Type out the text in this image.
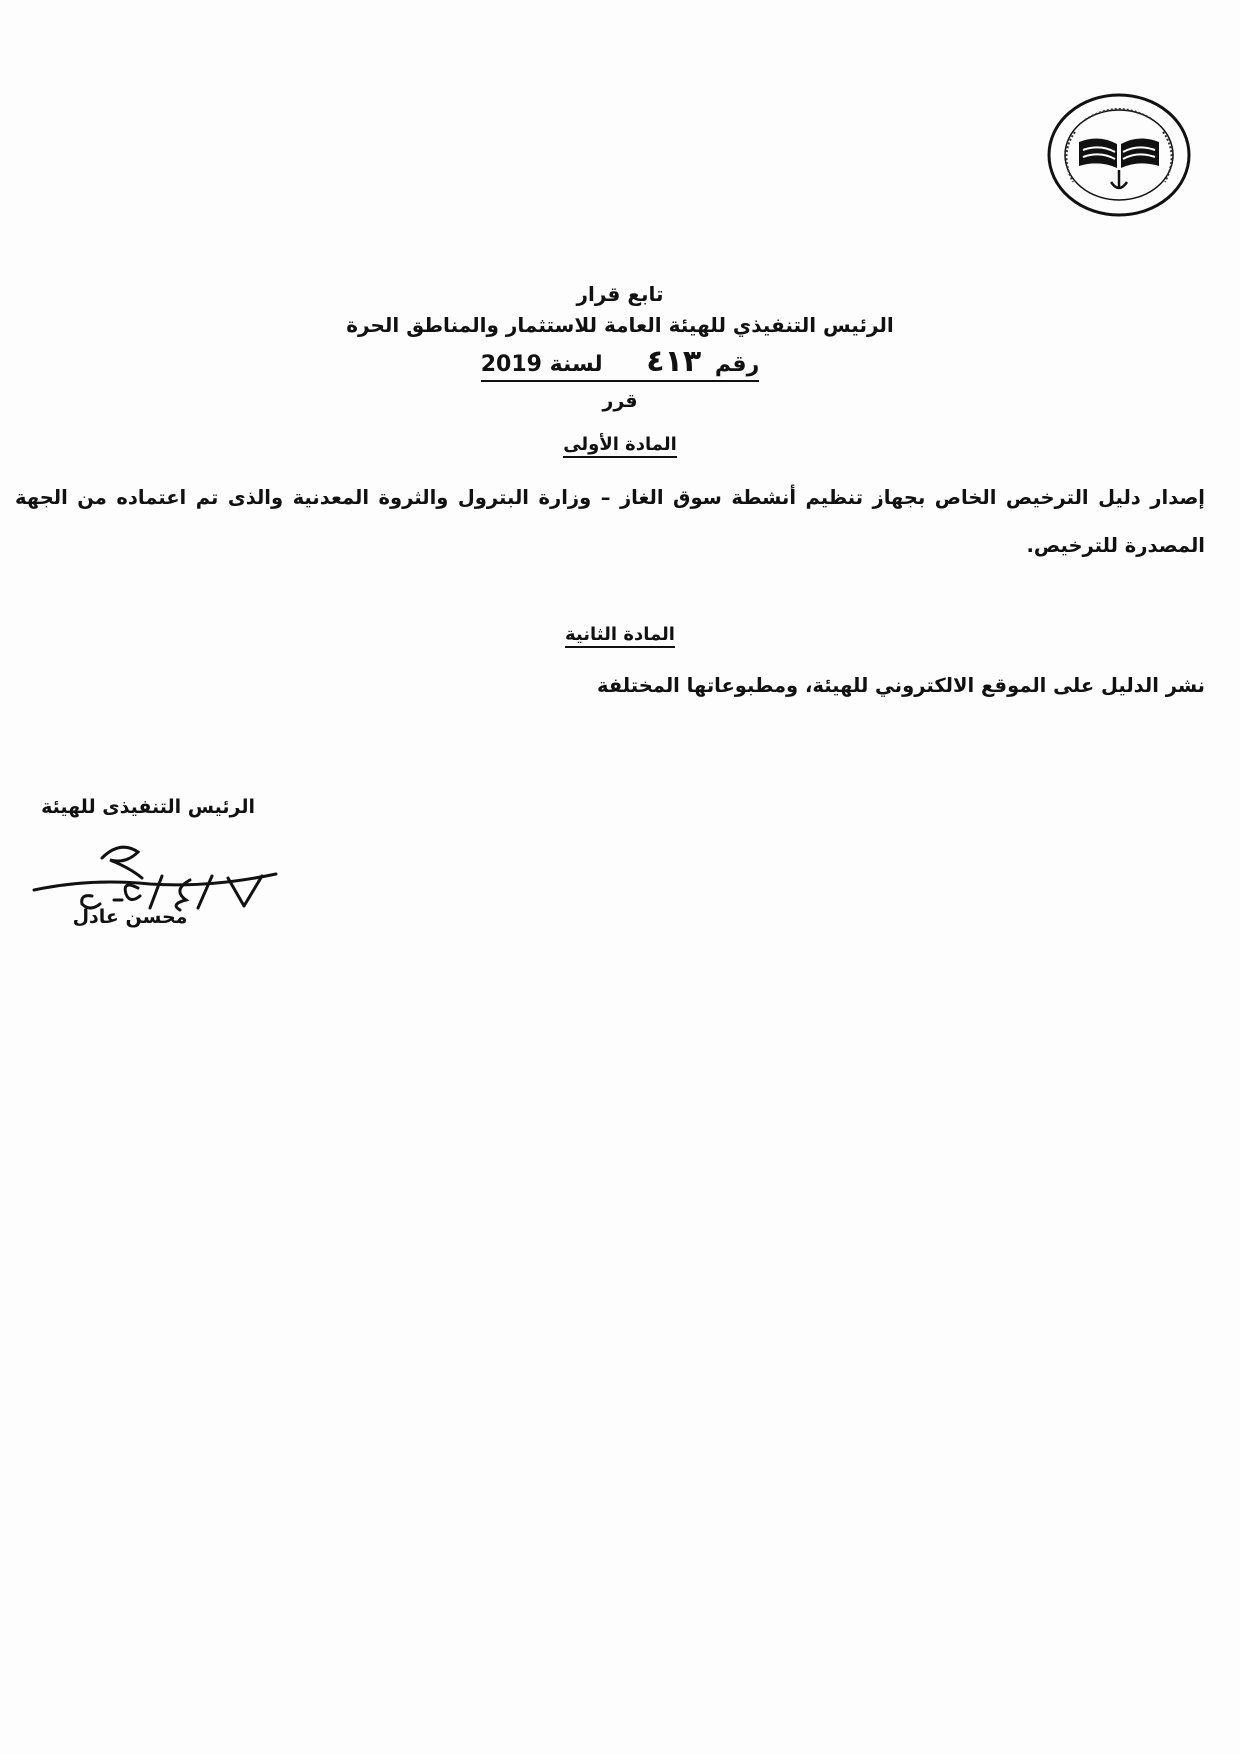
تابع قرار
الرئيس التنفيذي للهيئة العامة للاستثمار والمناطق الحرة
رقم ٤١٣ لسنة 2019
قرر
المادة الأولى
إصدار دليل الترخيص الخاص بجهاز تنظيم أنشطة سوق الغاز – وزارة البترول والثروة المعدنية والذى تم اعتماده من الجهة المصدرة للترخيص.
المادة الثانية
نشر الدليل على الموقع الالكتروني للهيئة، ومطبوعاتها المختلفة
الرئيس التنفيذى للهيئة
محسن عادل
